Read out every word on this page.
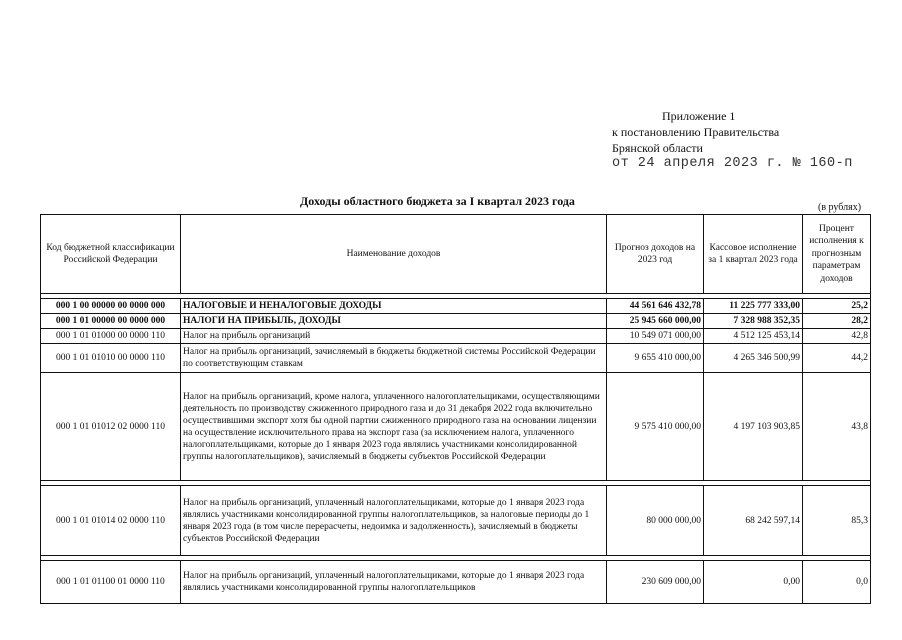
Приложение 1
к постановлению Правительства
Брянской области
от 24 апреля 2023 г. № 160-п
Доходы областного бюджета за I квартал 2023 года	(в рублях)
Код бюджетной классификации Российской Федерации	Наименование доходов	Прогноз доходов на 2023 год	Кассовое исполнение за 1 квартал 2023 года	Процент исполнения к прогнозным параметрам доходов

000 1 00 00000 00 0000 000	НАЛОГОВЫЕ И НЕНАЛОГОВЫЕ ДОХОДЫ	44 561 646 432,78	11 225 777 333,00	25,2
000 1 01 00000 00 0000 000	НАЛОГИ НА ПРИБЫЛЬ, ДОХОДЫ	25 945 660 000,00	7 328 988 352,35	28,2
000 1 01 01000 00 0000 110	Налог на прибыль организаций	10 549 071 000,00	4 512 125 453,14	42,8
000 1 01 01010 00 0000 110	Налог на прибыль организаций, зачисляемый в бюджеты бюджетной системы Российской Федерации по соответствующим ставкам	9 655 410 000,00	4 265 346 500,99	44,2
000 1 01 01012 02 0000 110	Налог на прибыль организаций, кроме налога, уплаченного налогоплательщиками, осуществляющими деятельность по производству сжиженного природного газа и до 31 декабря 2022 года включительно осуществившими экспорт хотя бы одной партии сжиженного природного газа на основании лицензии на осуществление исключительного права на экспорт газа (за исключением налога, уплаченного налогоплательщиками, которые до 1 января 2023 года являлись участниками консолидированной группы налогоплательщиков), зачисляемый в бюджеты субъектов Российской Федерации	9 575 410 000,00	4 197 103 903,85	43,8

000 1 01 01014 02 0000 110	Налог на прибыль организаций, уплаченный налогоплательщиками, которые до 1 января 2023 года являлись участниками консолидированной группы налогоплательщиков, за налоговые периоды до 1 января 2023 года (в том числе перерасчеты, недоимка и задолженность), зачисляемый в бюджеты субъектов Российской Федерации	80 000 000,00	68 242 597,14	85,3

000 1 01 01100 01 0000 110	Налог на прибыль организаций, уплаченный налогоплательщиками, которые до 1 января 2023 года являлись участниками консолидированной группы налогоплательщиков	230 609 000,00	0,00	0,0
